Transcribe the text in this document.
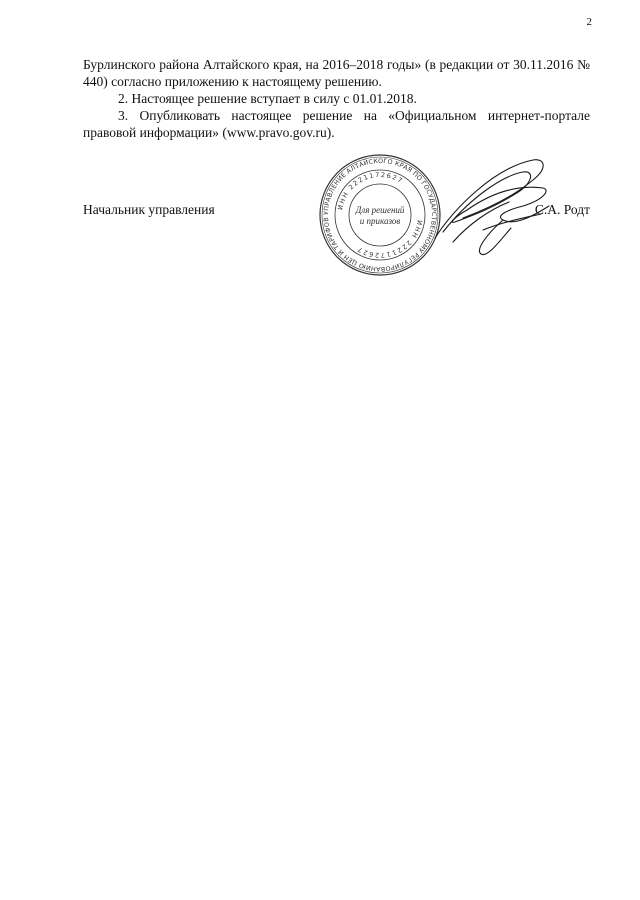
2

Бурлинского района Алтайского края, на 2016–2018 годы» (в редакции от 30.11.2016 № 440) согласно приложению к настоящему решению.

2. Настоящее решение вступает в силу с 01.01.2018.

3. Опубликовать настоящее решение на «Официальном интернет-портале правовой информации» (www.pravo.gov.ru).

Начальник управления	УПРАВЛЕНИЕ АЛТАЙСКОГО КРАЯ ПО ГОСУДАРСТВЕННОМУ РЕГУЛИРОВАНИЮ ЦЕН И ТАРИФОВ
ИНН 2221172627
ИНН 2221172627
Для решений
и приказов
С.А. Родт
